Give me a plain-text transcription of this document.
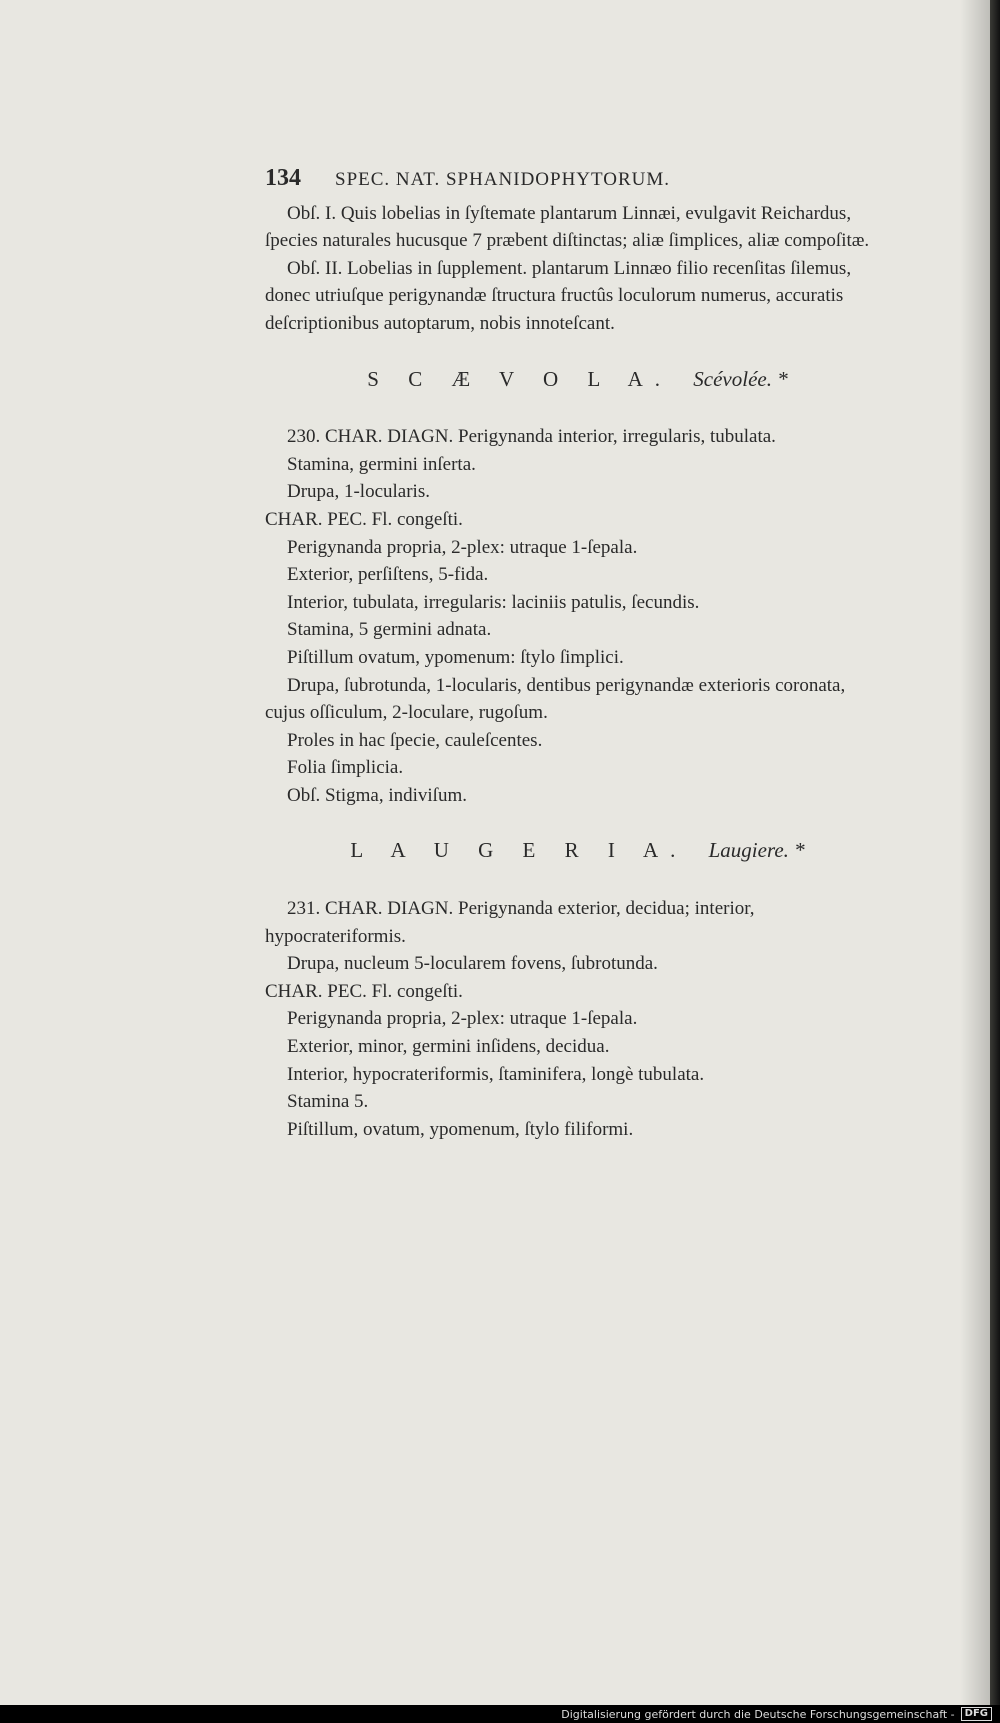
134 SPEC. NAT. SPHANIDOPHYTORUM.

Obſ. I. Quis lobelias in ſyſtemate plantarum Linnæi, evulgavit Reichardus, ſpecies naturales hucusque 7 præbent diſtinctas; aliæ ſimplices, aliæ compoſitæ.

Obſ. II. Lobelias in ſupplement. plantarum Linnæo filio recenſitas ſilemus, donec utriuſque perigynandæ ſtructura fructûs loculorum numerus, accuratis deſcriptionibus autoptarum, nobis innoteſcant.

S C Æ V O L A. Scévolée. *

230. CHAR. DIAGN. Perigynanda interior, irregularis, tubulata.

Stamina, germini inſerta.

Drupa, 1-locularis.

CHAR. PEC. Fl. congeſti.

Perigynanda propria, 2-plex: utraque 1-ſepala.

Exterior, perſiſtens, 5-fida.

Interior, tubulata, irregularis: laciniis patulis, ſecundis.

Stamina, 5 germini adnata.

Piſtillum ovatum, ypomenum: ſtylo ſimplici.

Drupa, ſubrotunda, 1-locularis, dentibus perigynandæ exterioris coronata, cujus oſſiculum, 2-loculare, rugoſum.

Proles in hac ſpecie, cauleſcentes.

Folia ſimplicia.

Obſ. Stigma, indiviſum.

L A U G E R I A. Laugiere. *

231. CHAR. DIAGN. Perigynanda exterior, decidua; interior, hypocrateriformis.

Drupa, nucleum 5-locularem fovens, ſubrotunda.

CHAR. PEC. Fl. congeſti.

Perigynanda propria, 2-plex: utraque 1-ſepala.

Exterior, minor, germini inſidens, decidua.

Interior, hypocrateriformis, ſtaminifera, longè tubulata.

Stamina 5.

Piſtillum, ovatum, ypomenum, ſtylo filiformi.

Digitalisierung gefördert durch die Deutsche Forschungsgemeinschaft -	DFG
